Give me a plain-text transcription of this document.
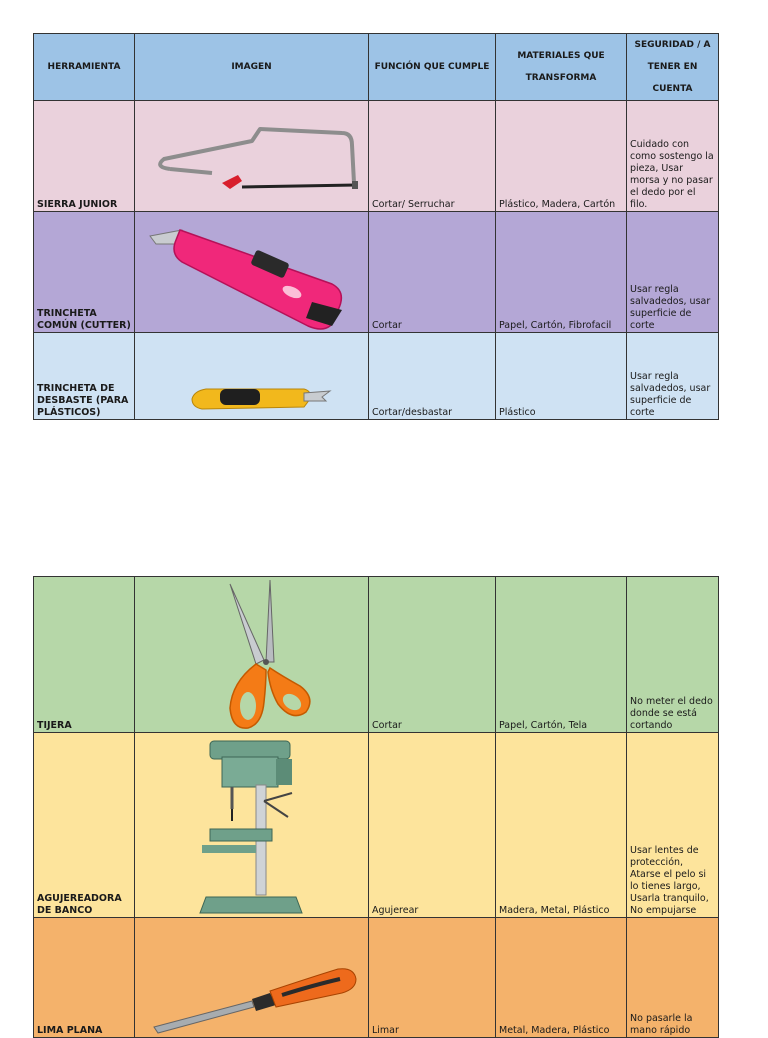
HERRAMIENTA	IMAGEN	FUNCIÓN QUE CUMPLE	MATERIALES QUE TRANSFORMA	SEGURIDAD / A TENER EN CUENTA
SIERRA JUNIOR		Cortar/ Serruchar	Plástico, Madera, Cartón	Cuidado con como sostengo la pieza, Usar morsa y no pasar el dedo por el filo.
TRINCHETA COMÚN (CUTTER)		Cortar	Papel, Cartón, Fibrofacil	Usar regla salvadedos, usar superficie de corte
TRINCHETA DE DESBASTE (PARA PLÁSTICOS)		Cortar/desbastar	Plástico	Usar regla salvadedos, usar superficie de corte
TIJERA		Cortar	Papel, Cartón, Tela	No meter el dedo donde se está cortando
AGUJEREADORA DE BANCO		Agujerear	Madera, Metal, Plástico	Usar lentes de protección, Atarse el pelo si lo tienes largo, Usarla tranquilo, No empujarse
LIMA PLANA		Limar	Metal, Madera, Plástico	No pasarle la mano rápido
